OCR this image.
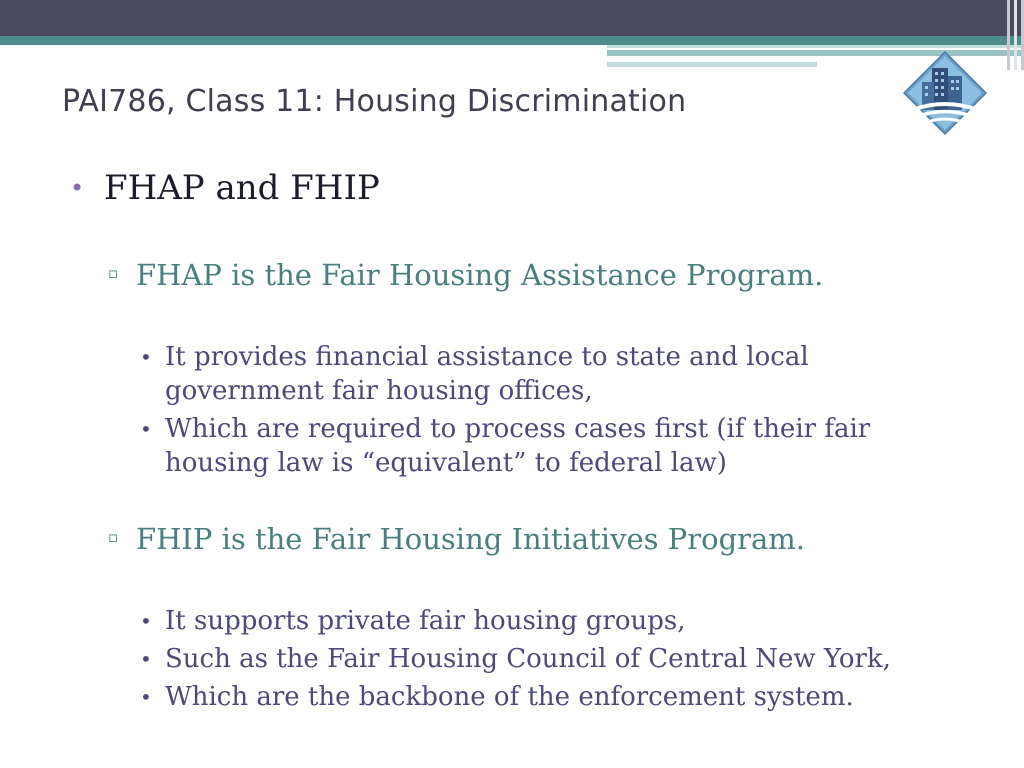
PAI786, Class 11: Housing Discrimination
• FHAP and FHIP
▫ FHAP is the Fair Housing Assistance Program.
• It provides financial assistance to state and local government fair housing offices,
• Which are required to process cases first (if their fair housing law is “equivalent” to federal law)
▫ FHIP is the Fair Housing Initiatives Program.
• It supports private fair housing groups,
• Such as the Fair Housing Council of Central New York,
• Which are the backbone of the enforcement system.
